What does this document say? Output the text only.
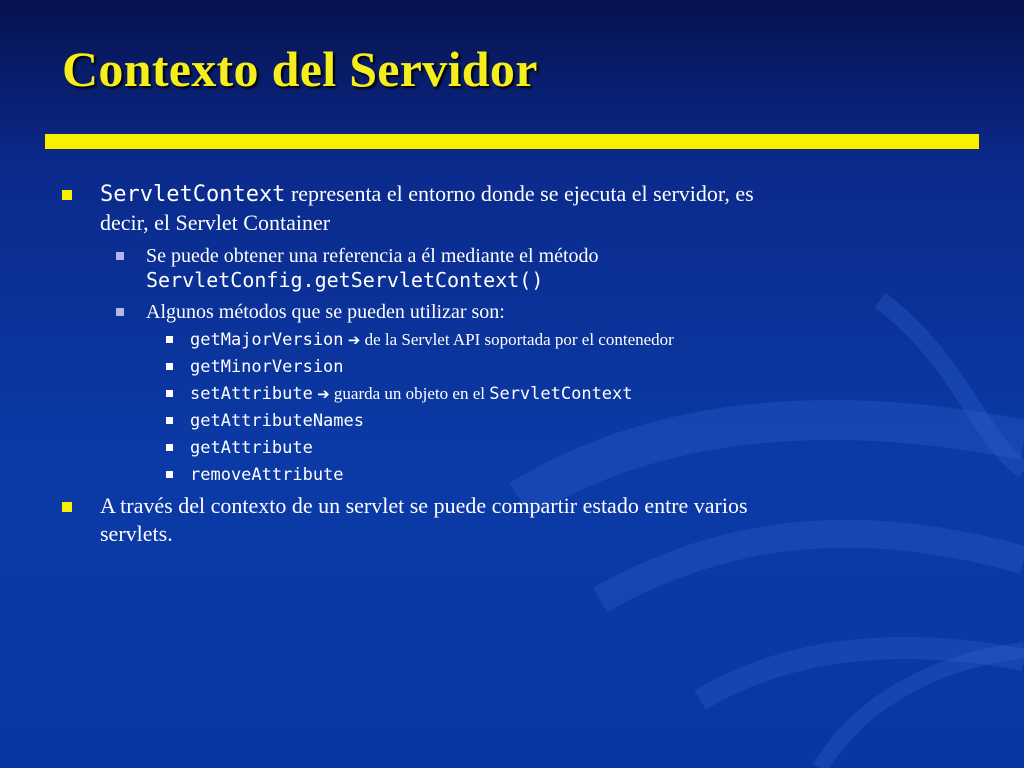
Contexto del Servidor
ServletContext representa el entorno donde se ejecuta el servidor, es
decir, el Servlet Container
Se puede obtener una referencia a él mediante el método
ServletConfig.getServletContext()
Algunos métodos que se pueden utilizar son:
getMajorVersion ➔ de la Servlet API soportada por el contenedor
getMinorVersion
setAttribute ➔ guarda un objeto en el ServletContext
getAttributeNames
getAttribute
removeAttribute
A través del contexto de un servlet se puede compartir estado entre varios
servlets.
